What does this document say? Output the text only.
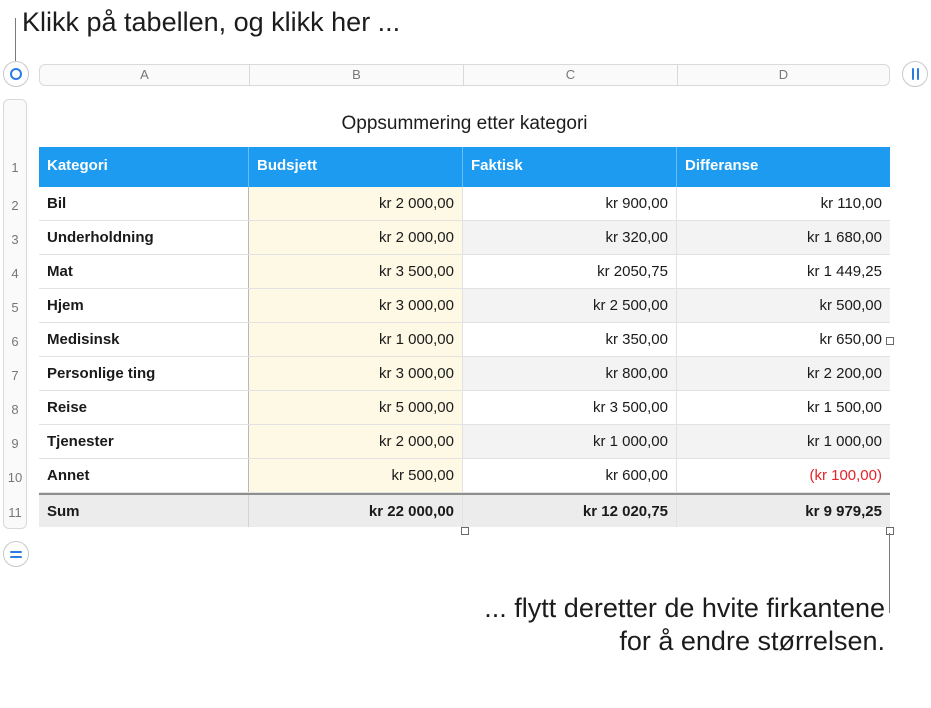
Klikk på tabellen, og klikk her ...
A	B	C	D
1
2
3
4
5
6
7
8
9
10
11
Oppsummering etter kategori
Kategori	Budsjett	Faktisk	Differanse
Bil	kr 2 000,00	kr 900,00	kr 110,00
Underholdning	kr 2 000,00	kr 320,00	kr 1 680,00
Mat	kr 3 500,00	kr 2050,75	kr 1 449,25
Hjem	kr 3 000,00	kr 2 500,00	kr 500,00
Medisinsk	kr 1 000,00	kr 350,00	kr 650,00
Personlige ting	kr 3 000,00	kr 800,00	kr 2 200,00
Reise	kr 5 000,00	kr 3 500,00	kr 1 500,00
Tjenester	kr 2 000,00	kr 1 000,00	kr 1 000,00
Annet	kr 500,00	kr 600,00	(kr 100,00)
Sum	kr 22 000,00	kr 12 020,75	kr 9 979,25
... flytt deretter de hvite firkantene for å endre størrelsen.
